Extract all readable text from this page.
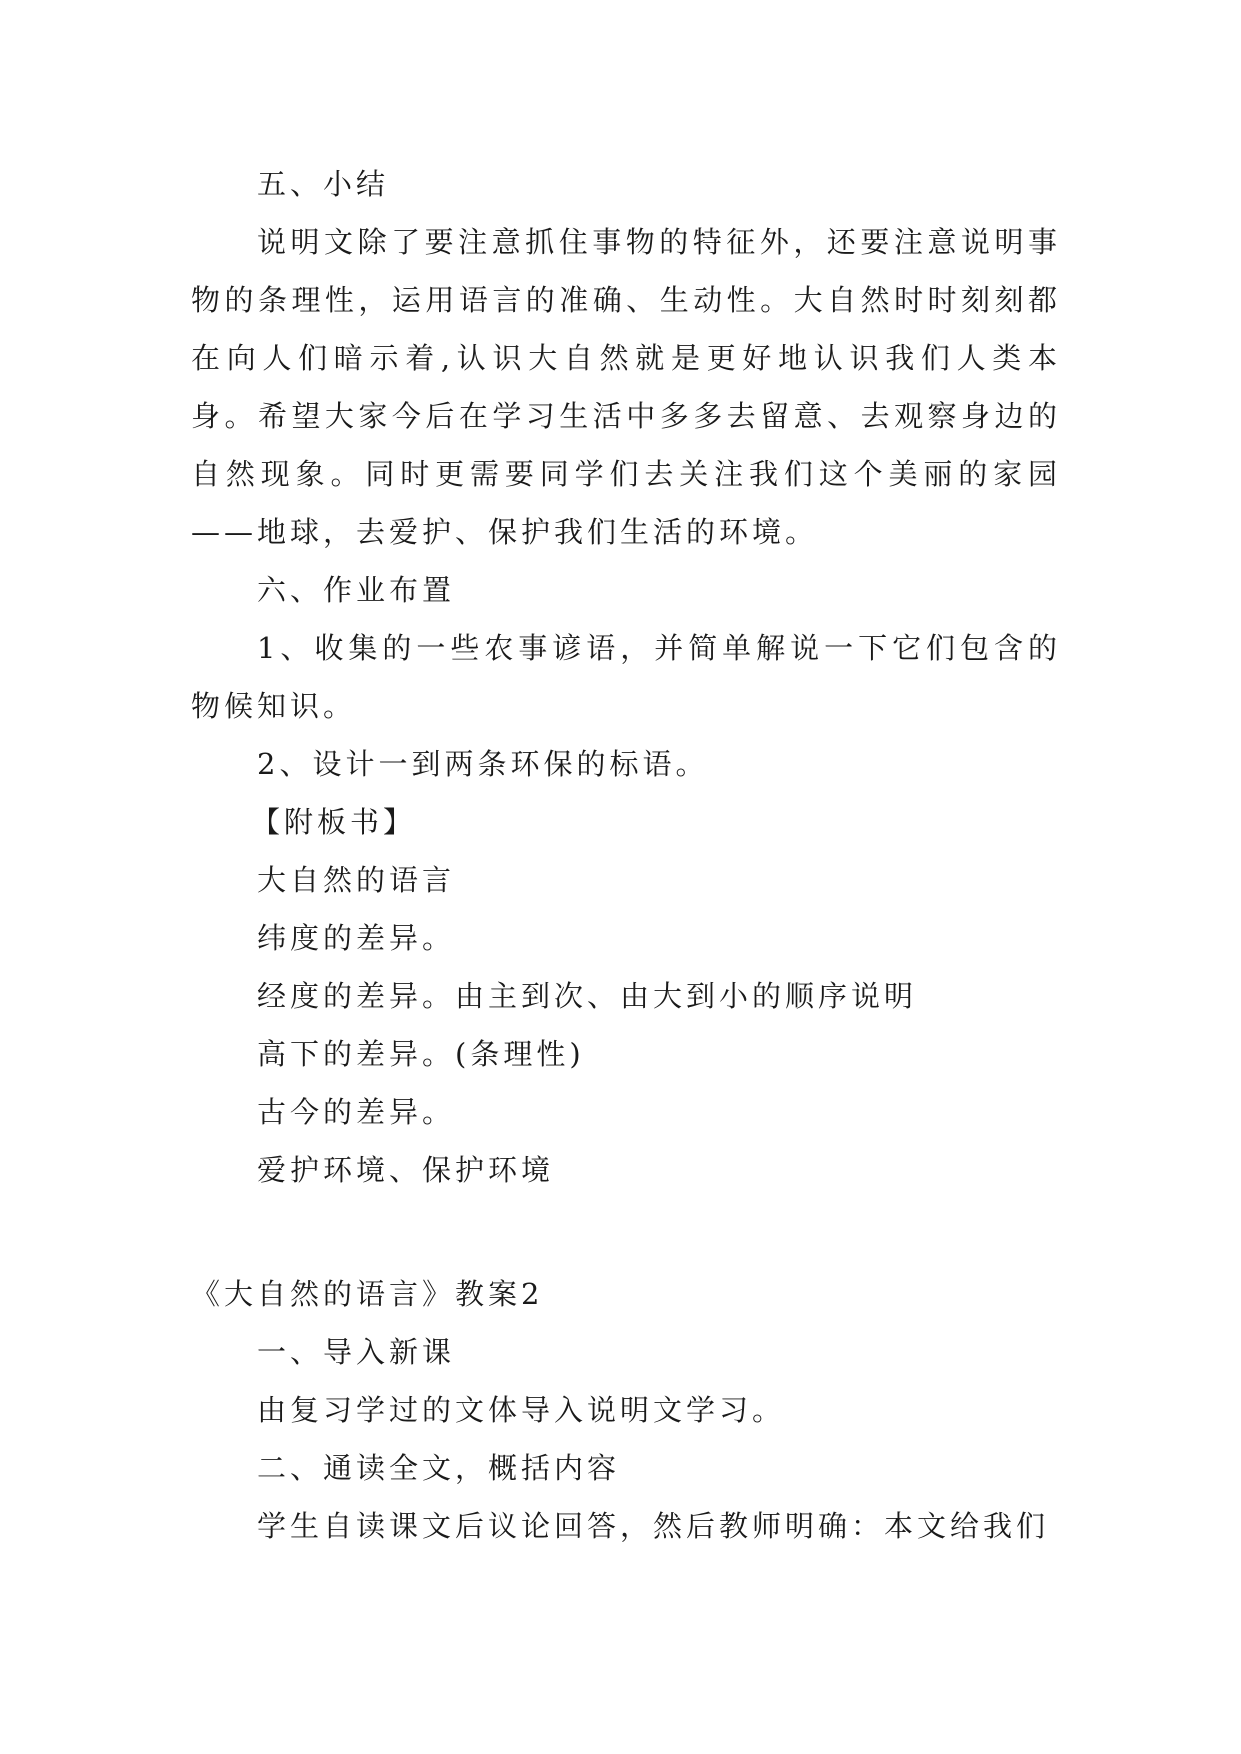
五、小结
说明文除了要注意抓住事物的特征外，还要注意说明事物的条理性，运用语言的准确、生动性。大自然时时刻刻都在向人们暗示着,认识大自然就是更好地认识我们人类本身。希望大家今后在学习生活中多多去留意、去观察身边的自然现象。同时更需要同学们去关注我们这个美丽的家园——地球，去爱护、保护我们生活的环境。
六、作业布置
1、收集的一些农事谚语，并简单解说一下它们包含的物候知识。
2、设计一到两条环保的标语。
【附板书】
大自然的语言
纬度的差异。
经度的差异。由主到次、由大到小的顺序说明
高下的差异。(条理性)
古今的差异。
爱护环境、保护环境
《大自然的语言》教案2
一、导入新课
由复习学过的文体导入说明文学习。
二、通读全文，概括内容
学生自读课文后议论回答，然后教师明确：本文给我们
